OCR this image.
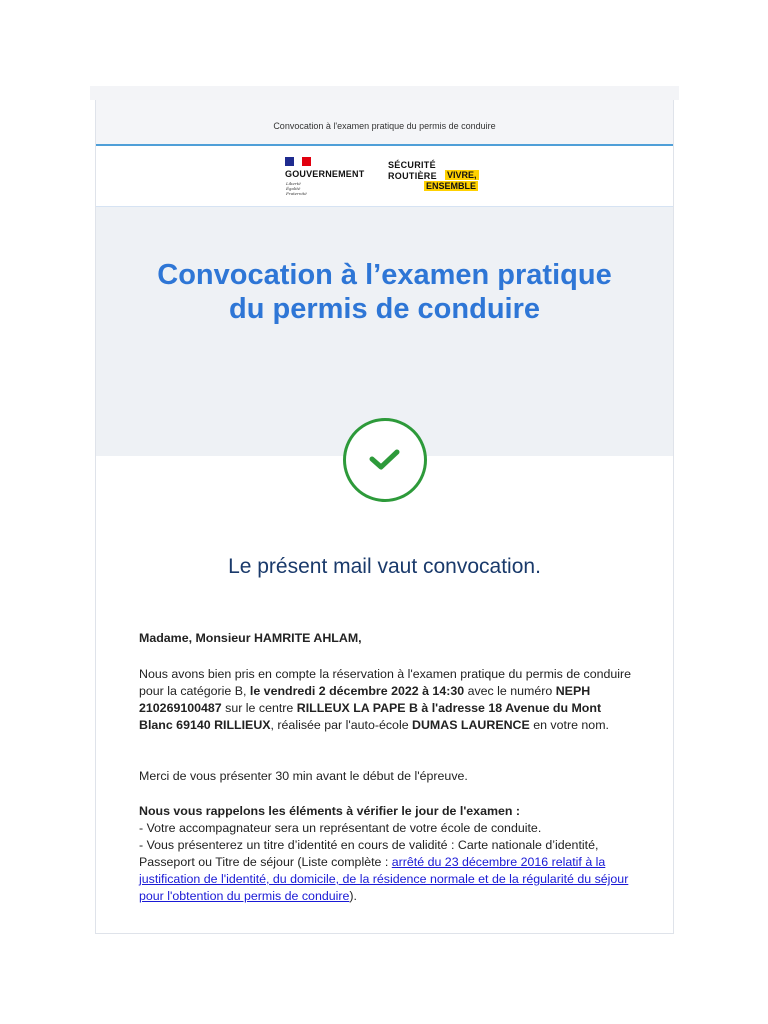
Convocation à l'examen pratique du permis de conduire
GOUVERNEMENT
Liberté
Égalité
Fraternité
SÉCURITÉ
ROUTIÈRE VIVRE,
ENSEMBLE
Convocation à l’examen pratique
du permis de conduire
Le présent mail vaut convocation.
Madame, Monsieur HAMRITE AHLAM,
Nous avons bien pris en compte la réservation à l'examen pratique du permis de conduire pour la catégorie B, le vendredi 2 décembre 2022 à 14:30 avec le numéro NEPH 210269100487 sur le centre RILLEUX LA PAPE B à l'adresse 18 Avenue du Mont Blanc 69140 RILLIEUX, réalisée par l'auto-école DUMAS LAURENCE en votre nom.
Merci de vous présenter 30 min avant le début de l'épreuve.
Nous vous rappelons les éléments à vérifier le jour de l'examen :
- Votre accompagnateur sera un représentant de votre école de conduite.
- Vous présenterez un titre d’identité en cours de validité : Carte nationale d’identité, Passeport ou Titre de séjour (Liste complète : arrêté du 23 décembre 2016 relatif à la justification de l'identité, du domicile, de la résidence normale et de la régularité du séjour pour l'obtention du permis de conduire).
